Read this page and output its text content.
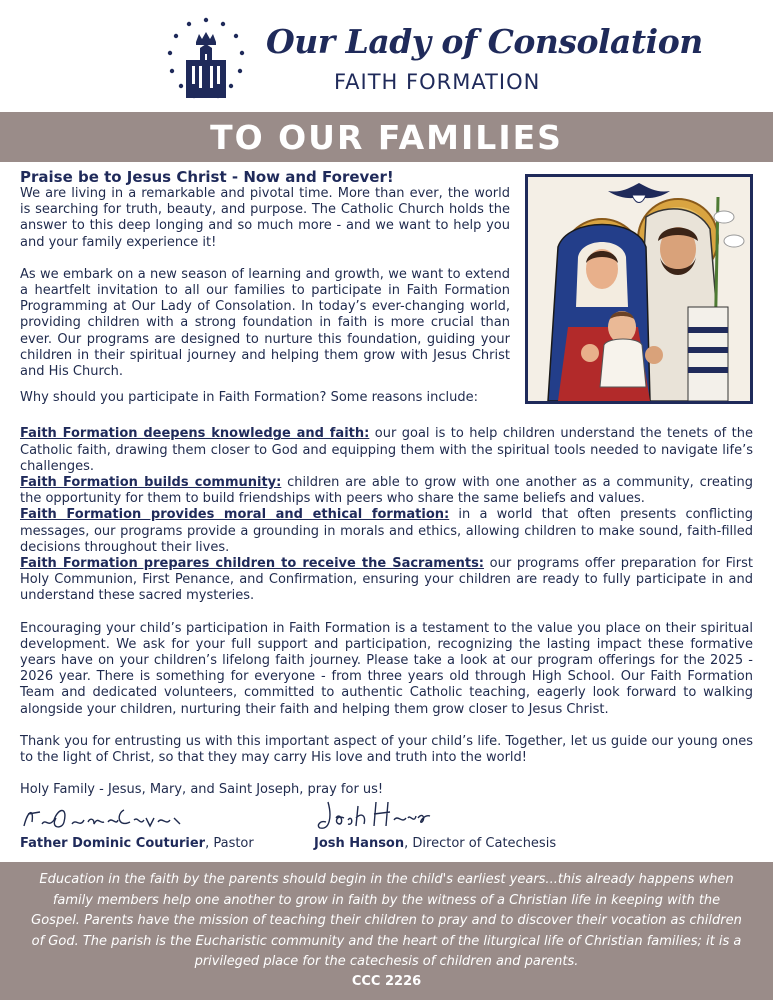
Our Lady of Consolation
FAITH FORMATION
TO OUR FAMILIES
Praise be to Jesus Christ - Now and Forever!

We are living in a remarkable and pivotal time. More than ever, the world is searching for truth, beauty, and purpose. The Catholic Church holds the answer to this deep longing and so much more - and we want to help you and your family experience it!

As we embark on a new season of learning and growth, we want to extend a heartfelt invitation to all our families to participate in Faith Formation Programming at Our Lady of Consolation. In today’s ever-changing world, providing children with a strong foundation in faith is more crucial than ever. Our programs are designed to nurture this foundation, guiding your children in their spiritual journey and helping them grow with Jesus Christ and His Church.

Why should you participate in Faith Formation? Some reasons include:

Faith Formation deepens knowledge and faith: our goal is to help children understand the tenets of the Catholic faith, drawing them closer to God and equipping them with the spiritual tools needed to navigate life’s challenges.

Faith Formation builds community: children are able to grow with one another as a community, creating the opportunity for them to build friendships with peers who share the same beliefs and values.

Faith Formation provides moral and ethical formation: in a world that often presents conflicting messages, our programs provide a grounding in morals and ethics, allowing children to make sound, faith-filled decisions throughout their lives.

Faith Formation prepares children to receive the Sacraments: our programs offer preparation for First Holy Communion, First Penance, and Confirmation, ensuring your children are ready to fully participate in and understand these sacred mysteries.

Encouraging your child’s participation in Faith Formation is a testament to the value you place on their spiritual development. We ask for your full support and participation, recognizing the lasting impact these formative years have on your children’s lifelong faith journey. Please take a look at our program offerings for the 2025 - 2026 year. There is something for everyone - from three years old through High School. Our Faith Formation Team and dedicated volunteers, committed to authentic Catholic teaching, eagerly look forward to walking alongside your children, nurturing their faith and helping them grow closer to Jesus Christ.

Thank you for entrusting us with this important aspect of your child’s life. Together, let us guide our young ones to the light of Christ, so that they may carry His love and truth into the world!

Holy Family - Jesus, Mary, and Saint Joseph, pray for us!

Father Dominic Couturier, Pastor	Josh Hanson, Director of Catechesis

Education in the faith by the parents should begin in the child's earliest years...this already happens when family members help one another to grow in faith by the witness of a Christian life in keeping with the Gospel. Parents have the mission of teaching their children to pray and to discover their vocation as children of God. The parish is the Eucharistic community and the heart of the liturgical life of Christian families; it is a privileged place for the catechesis of children and parents.

CCC 2226
